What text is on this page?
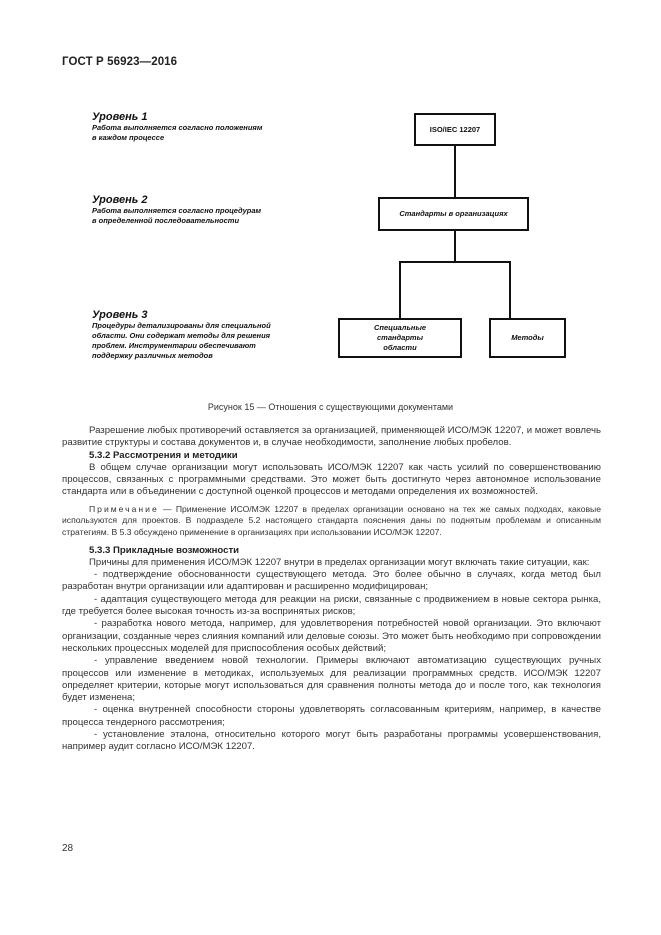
ГОСТ Р 56923—2016
Уровень 1
Работа выполняется согласно положениям
в каждом процессе
Уровень 2
Работа выполняется согласно процедурам
в определенной последовательности
Уровень 3
Процедуры детализированы для специальной
области. Они содержат методы для решения
проблем. Инструментарии обеспечивают
поддержку различных методов
ISO/IEC 12207
Стандарты в организациях
Специальные
стандарты
области
Методы
Рисунок 15 — Отношения с существующими документами

Разрешение любых противоречий оставляется за организацией, применяющей ИСО/МЭК 12207, и может вовлечь развитие структуры и состава документов и, в случае необходимости, заполнение любых пробелов.

5.3.2 Рассмотрения и методики

В общем случае организации могут использовать ИСО/МЭК 12207 как часть усилий по совершенствованию процессов, связанных с программными средствами. Это может быть достигнуто через автономное использование стандарта или в объединении с доступной оценкой процессов и методами определения их возможностей.

Примечание — Применение ИСО/МЭК 12207 в пределах организации основано на тех же самых подходах, каковые используются для проектов. В подразделе 5.2 настоящего стандарта пояснения даны по поднятым проблемам и описанным стратегиям. В 5.3 обсуждено применение в организациях при использовании ИСО/МЭК 12207.

5.3.3 Прикладные возможности

Причины для применения ИСО/МЭК 12207 внутри в пределах организации могут включать такие ситуации, как:

- подтверждение обоснованности существующего метода. Это более обычно в случаях, когда метод был разработан внутри организации или адаптирован и расширенно модифицирован;

- адаптация существующего метода для реакции на риски, связанные с продвижением в новые сектора рынка, где требуется более высокая точность из-за воспринятых рисков;

- разработка нового метода, например, для удовлетворения потребностей новой организации. Это включают организации, созданные через слияния компаний или деловые союзы. Это может быть необходимо при сопровождении нескольких процессных моделей для приспособления особых действий;

- управление введением новой технологии. Примеры включают автоматизацию существующих ручных процессов или изменение в методиках, используемых для реализации программных средств. ИСО/МЭК 12207 определяет критерии, которые могут использоваться для сравнения полноты метода до и после того, как технология будет изменена;

- оценка внутренней способности стороны удовлетворять согласованным критериям, например, в качестве процесса тендерного рассмотрения;

- установление эталона, относительно которого могут быть разработаны программы усовершенствования, например аудит согласно ИСО/МЭК 12207.

28
